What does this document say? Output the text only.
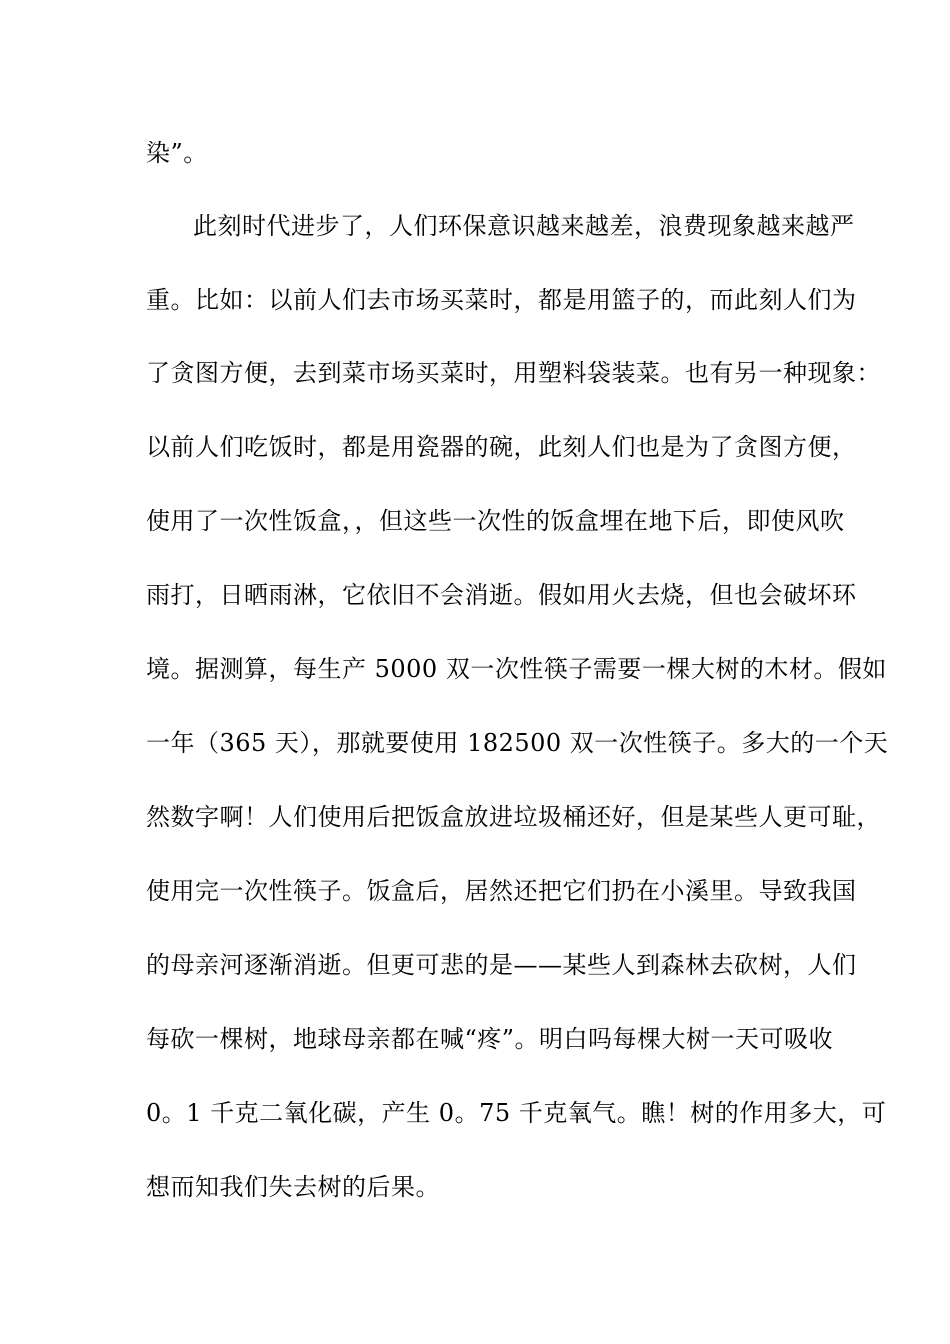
染”。
此刻时代进步了，人们环保意识越来越差，浪费现象越来越严
重。比如：以前人们去市场买菜时，都是用篮子的，而此刻人们为
了贪图方便，去到菜市场买菜时，用塑料袋装菜。也有另一种现象：
以前人们吃饭时，都是用瓷器的碗，此刻人们也是为了贪图方便，
使用了一次性饭盒，，但这些一次性的饭盒埋在地下后，即使风吹
雨打，日晒雨淋，它依旧不会消逝。假如用火去烧，但也会破坏环
境。据测算，每生产 5000 双一次性筷子需要一棵大树的木材。假如
一年（365 天），那就要使用 182500 双一次性筷子。多大的一个天
然数字啊！人们使用后把饭盒放进垃圾桶还好，但是某些人更可耻，
使用完一次性筷子。饭盒后，居然还把它们扔在小溪里。导致我国
的母亲河逐渐消逝。但更可悲的是——某些人到森林去砍树，人们
每砍一棵树，地球母亲都在喊“疼”。明白吗每棵大树一天可吸收
0。1 千克二氧化碳，产生 0。75 千克氧气。瞧！树的作用多大，可
想而知我们失去树的后果。
